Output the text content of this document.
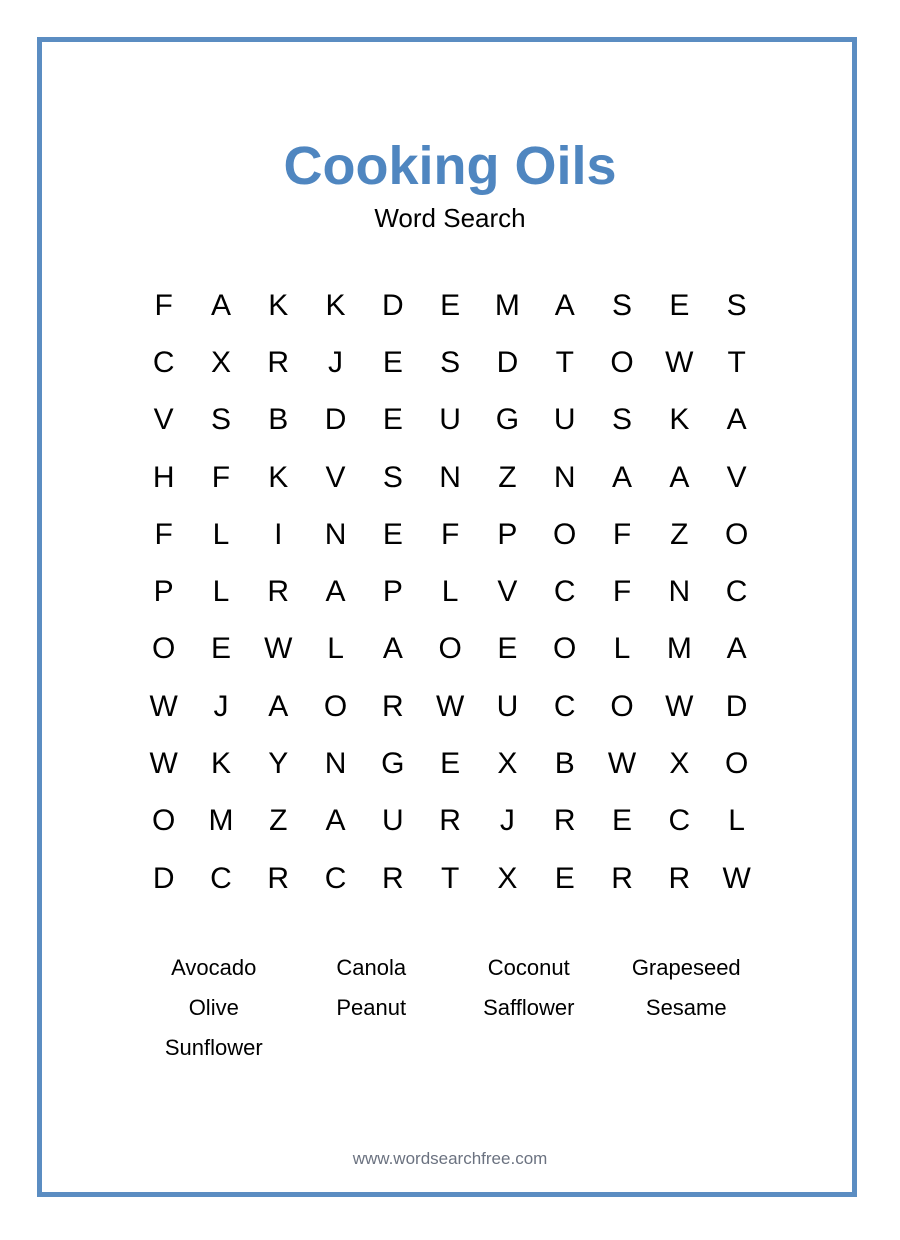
Cooking Oils
Word Search
F	A	K	K	D	E	M	A	S	E	S
C	X	R	J	E	S	D	T	O	W	T
V	S	B	D	E	U	G	U	S	K	A
H	F	K	V	S	N	Z	N	A	A	V
F	L	I	N	E	F	P	O	F	Z	O
P	L	R	A	P	L	V	C	F	N	C
O	E	W	L	A	O	E	O	L	M	A
W	J	A	O	R	W	U	C	O	W	D
W	K	Y	N	G	E	X	B	W	X	O
O	M	Z	A	U	R	J	R	E	C	L
D	C	R	C	R	T	X	E	R	R	W
Avocado	Canola	Coconut	Grapeseed
Olive	Peanut	Safflower	Sesame
Sunflower
www.wordsearchfree.com
